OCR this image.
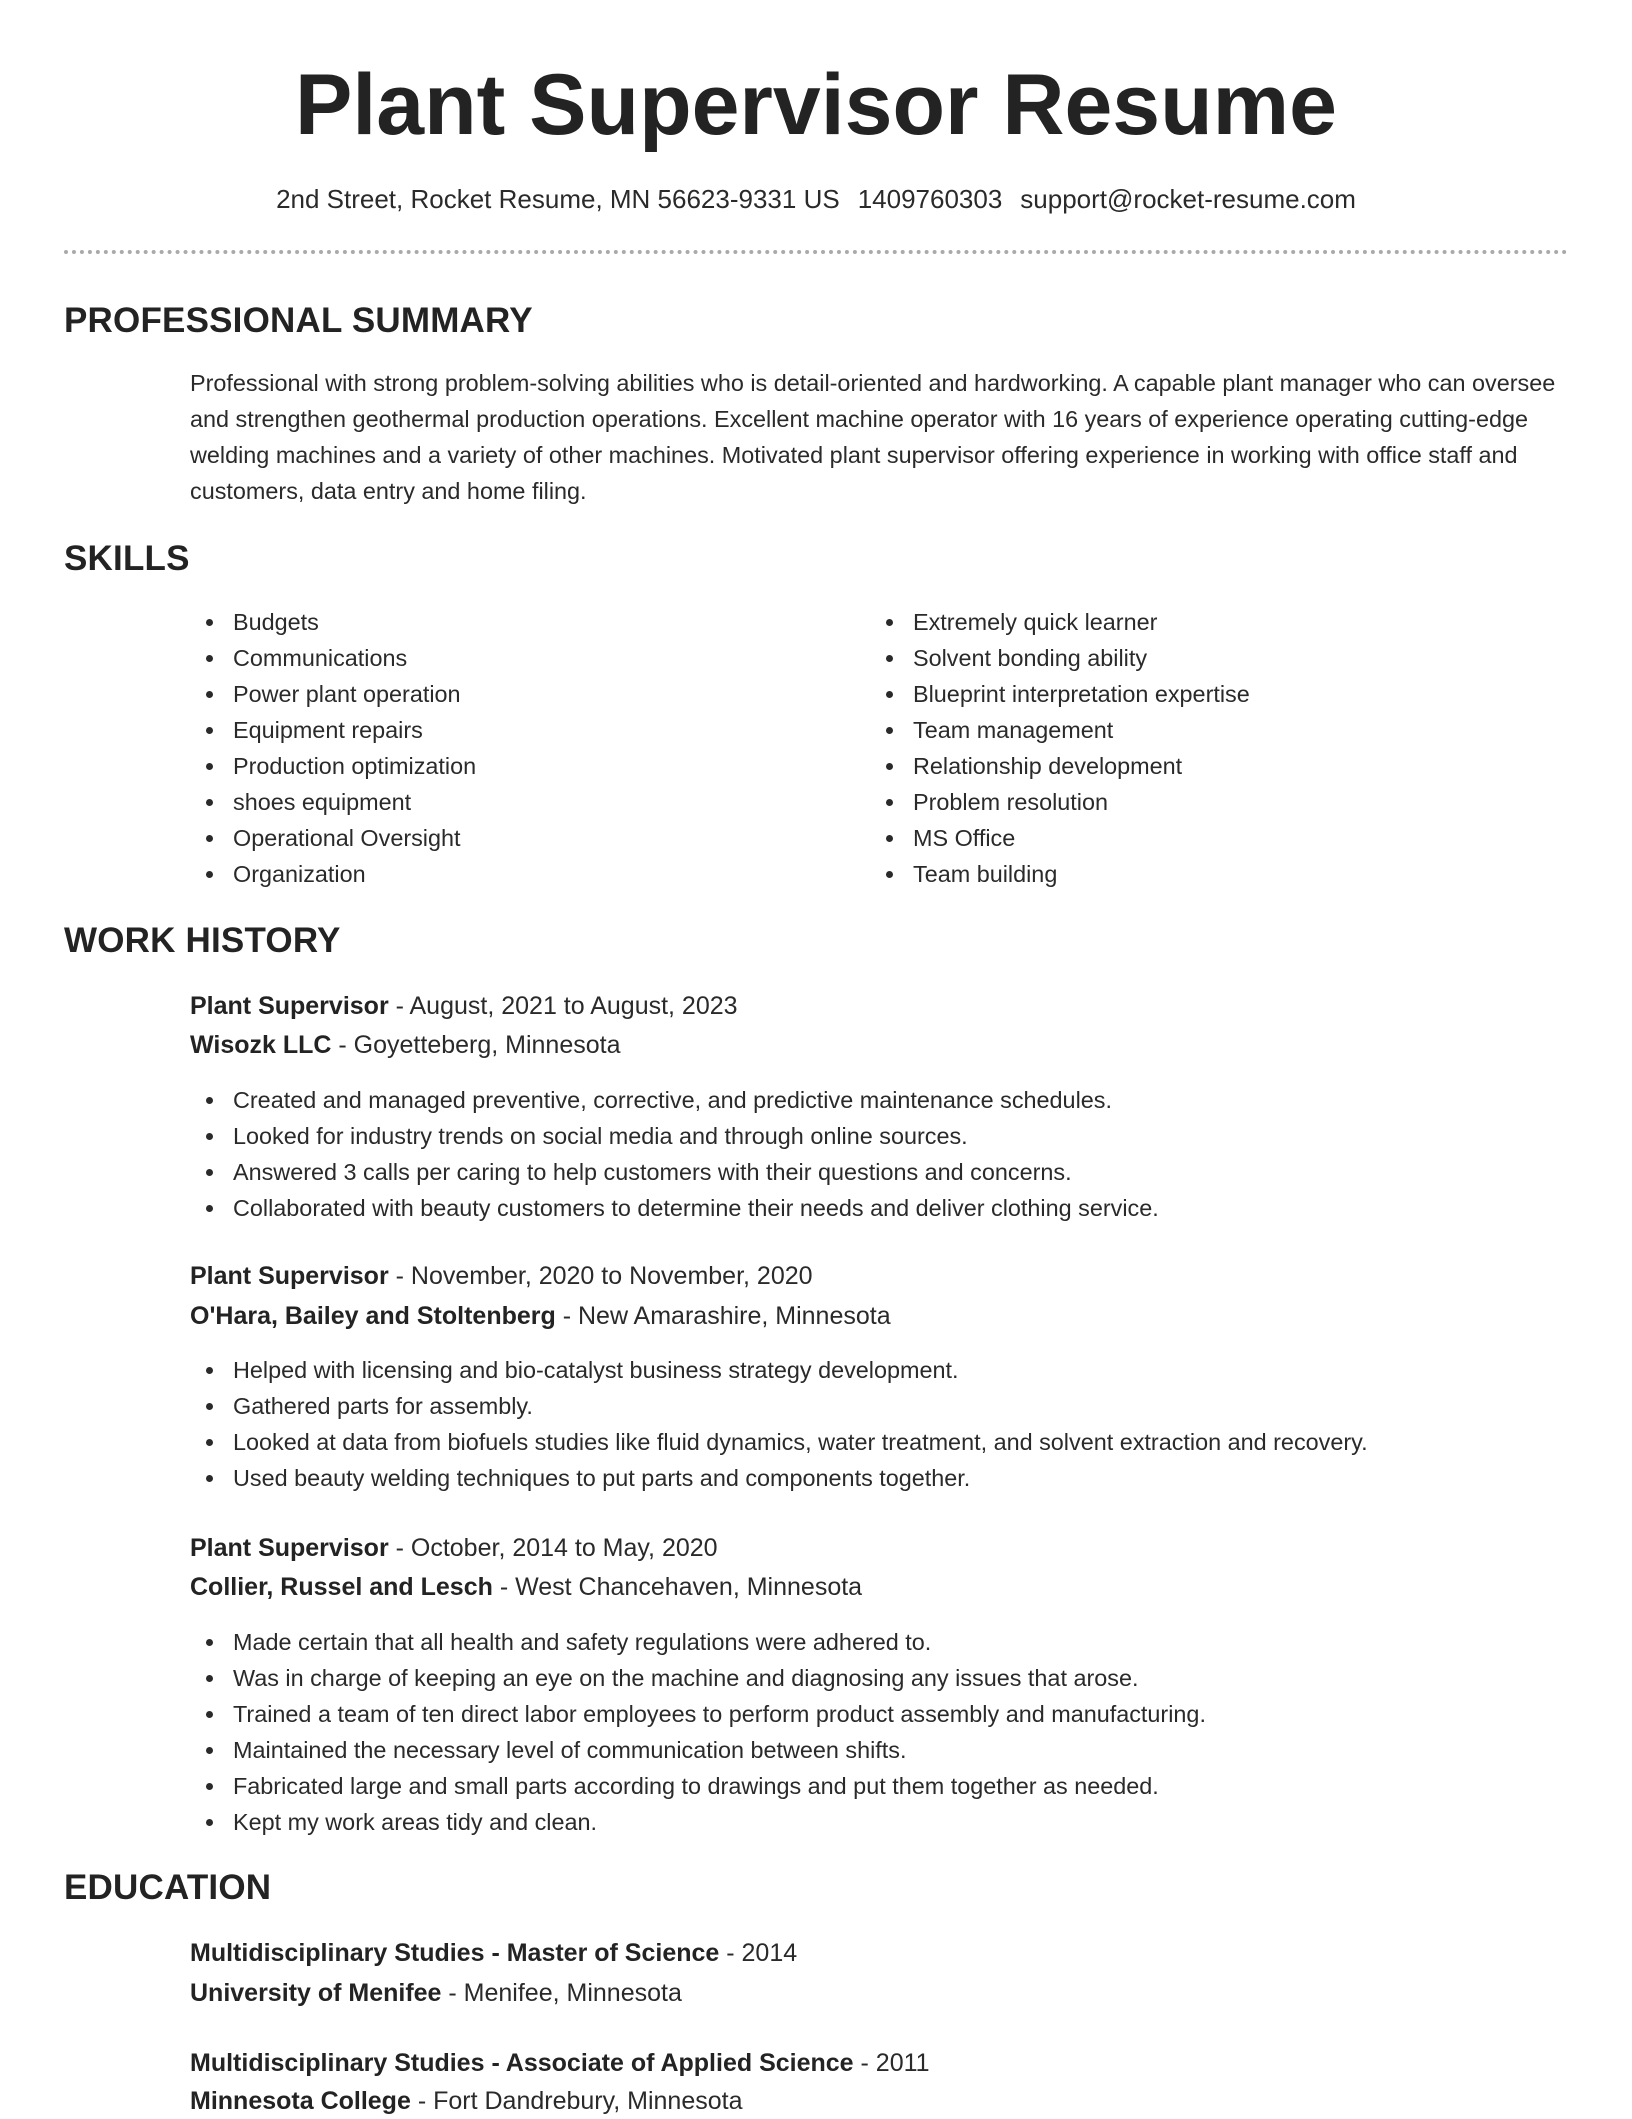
Plant Supervisor Resume
2nd Street, Rocket Resume, MN 56623-9331 US 1409760303 support@rocket-resume.com
PROFESSIONAL SUMMARY

Professional with strong problem-solving abilities who is detail-oriented and hardworking. A capable plant manager who can oversee and strengthen geothermal production operations. Excellent machine operator with 16 years of experience operating cutting-edge welding machines and a variety of other machines. Motivated plant supervisor offering experience in working with office staff and customers, data entry and home filing.

SKILLS
Budgets
Communications
Power plant operation
Equipment repairs
Production optimization
shoes equipment
Operational Oversight
Organization
Extremely quick learner
Solvent bonding ability
Blueprint interpretation expertise
Team management
Relationship development
Problem resolution
MS Office
Team building
WORK HISTORY
Plant Supervisor - August, 2021 to August, 2023
Wisozk LLC - Goyetteberg, Minnesota
Created and managed preventive, corrective, and predictive maintenance schedules.
Looked for industry trends on social media and through online sources.
Answered 3 calls per caring to help customers with their questions and concerns.
Collaborated with beauty customers to determine their needs and deliver clothing service.
Plant Supervisor - November, 2020 to November, 2020
O'Hara, Bailey and Stoltenberg - New Amarashire, Minnesota
Helped with licensing and bio-catalyst business strategy development.
Gathered parts for assembly.
Looked at data from biofuels studies like fluid dynamics, water treatment, and solvent extraction and recovery.
Used beauty welding techniques to put parts and components together.
Plant Supervisor - October, 2014 to May, 2020
Collier, Russel and Lesch - West Chancehaven, Minnesota
Made certain that all health and safety regulations were adhered to.
Was in charge of keeping an eye on the machine and diagnosing any issues that arose.
Trained a team of ten direct labor employees to perform product assembly and manufacturing.
Maintained the necessary level of communication between shifts.
Fabricated large and small parts according to drawings and put them together as needed.
Kept my work areas tidy and clean.
EDUCATION
Multidisciplinary Studies - Master of Science - 2014
University of Menifee - Menifee, Minnesota
Multidisciplinary Studies - Associate of Applied Science - 2011
Minnesota College - Fort Dandrebury, Minnesota
